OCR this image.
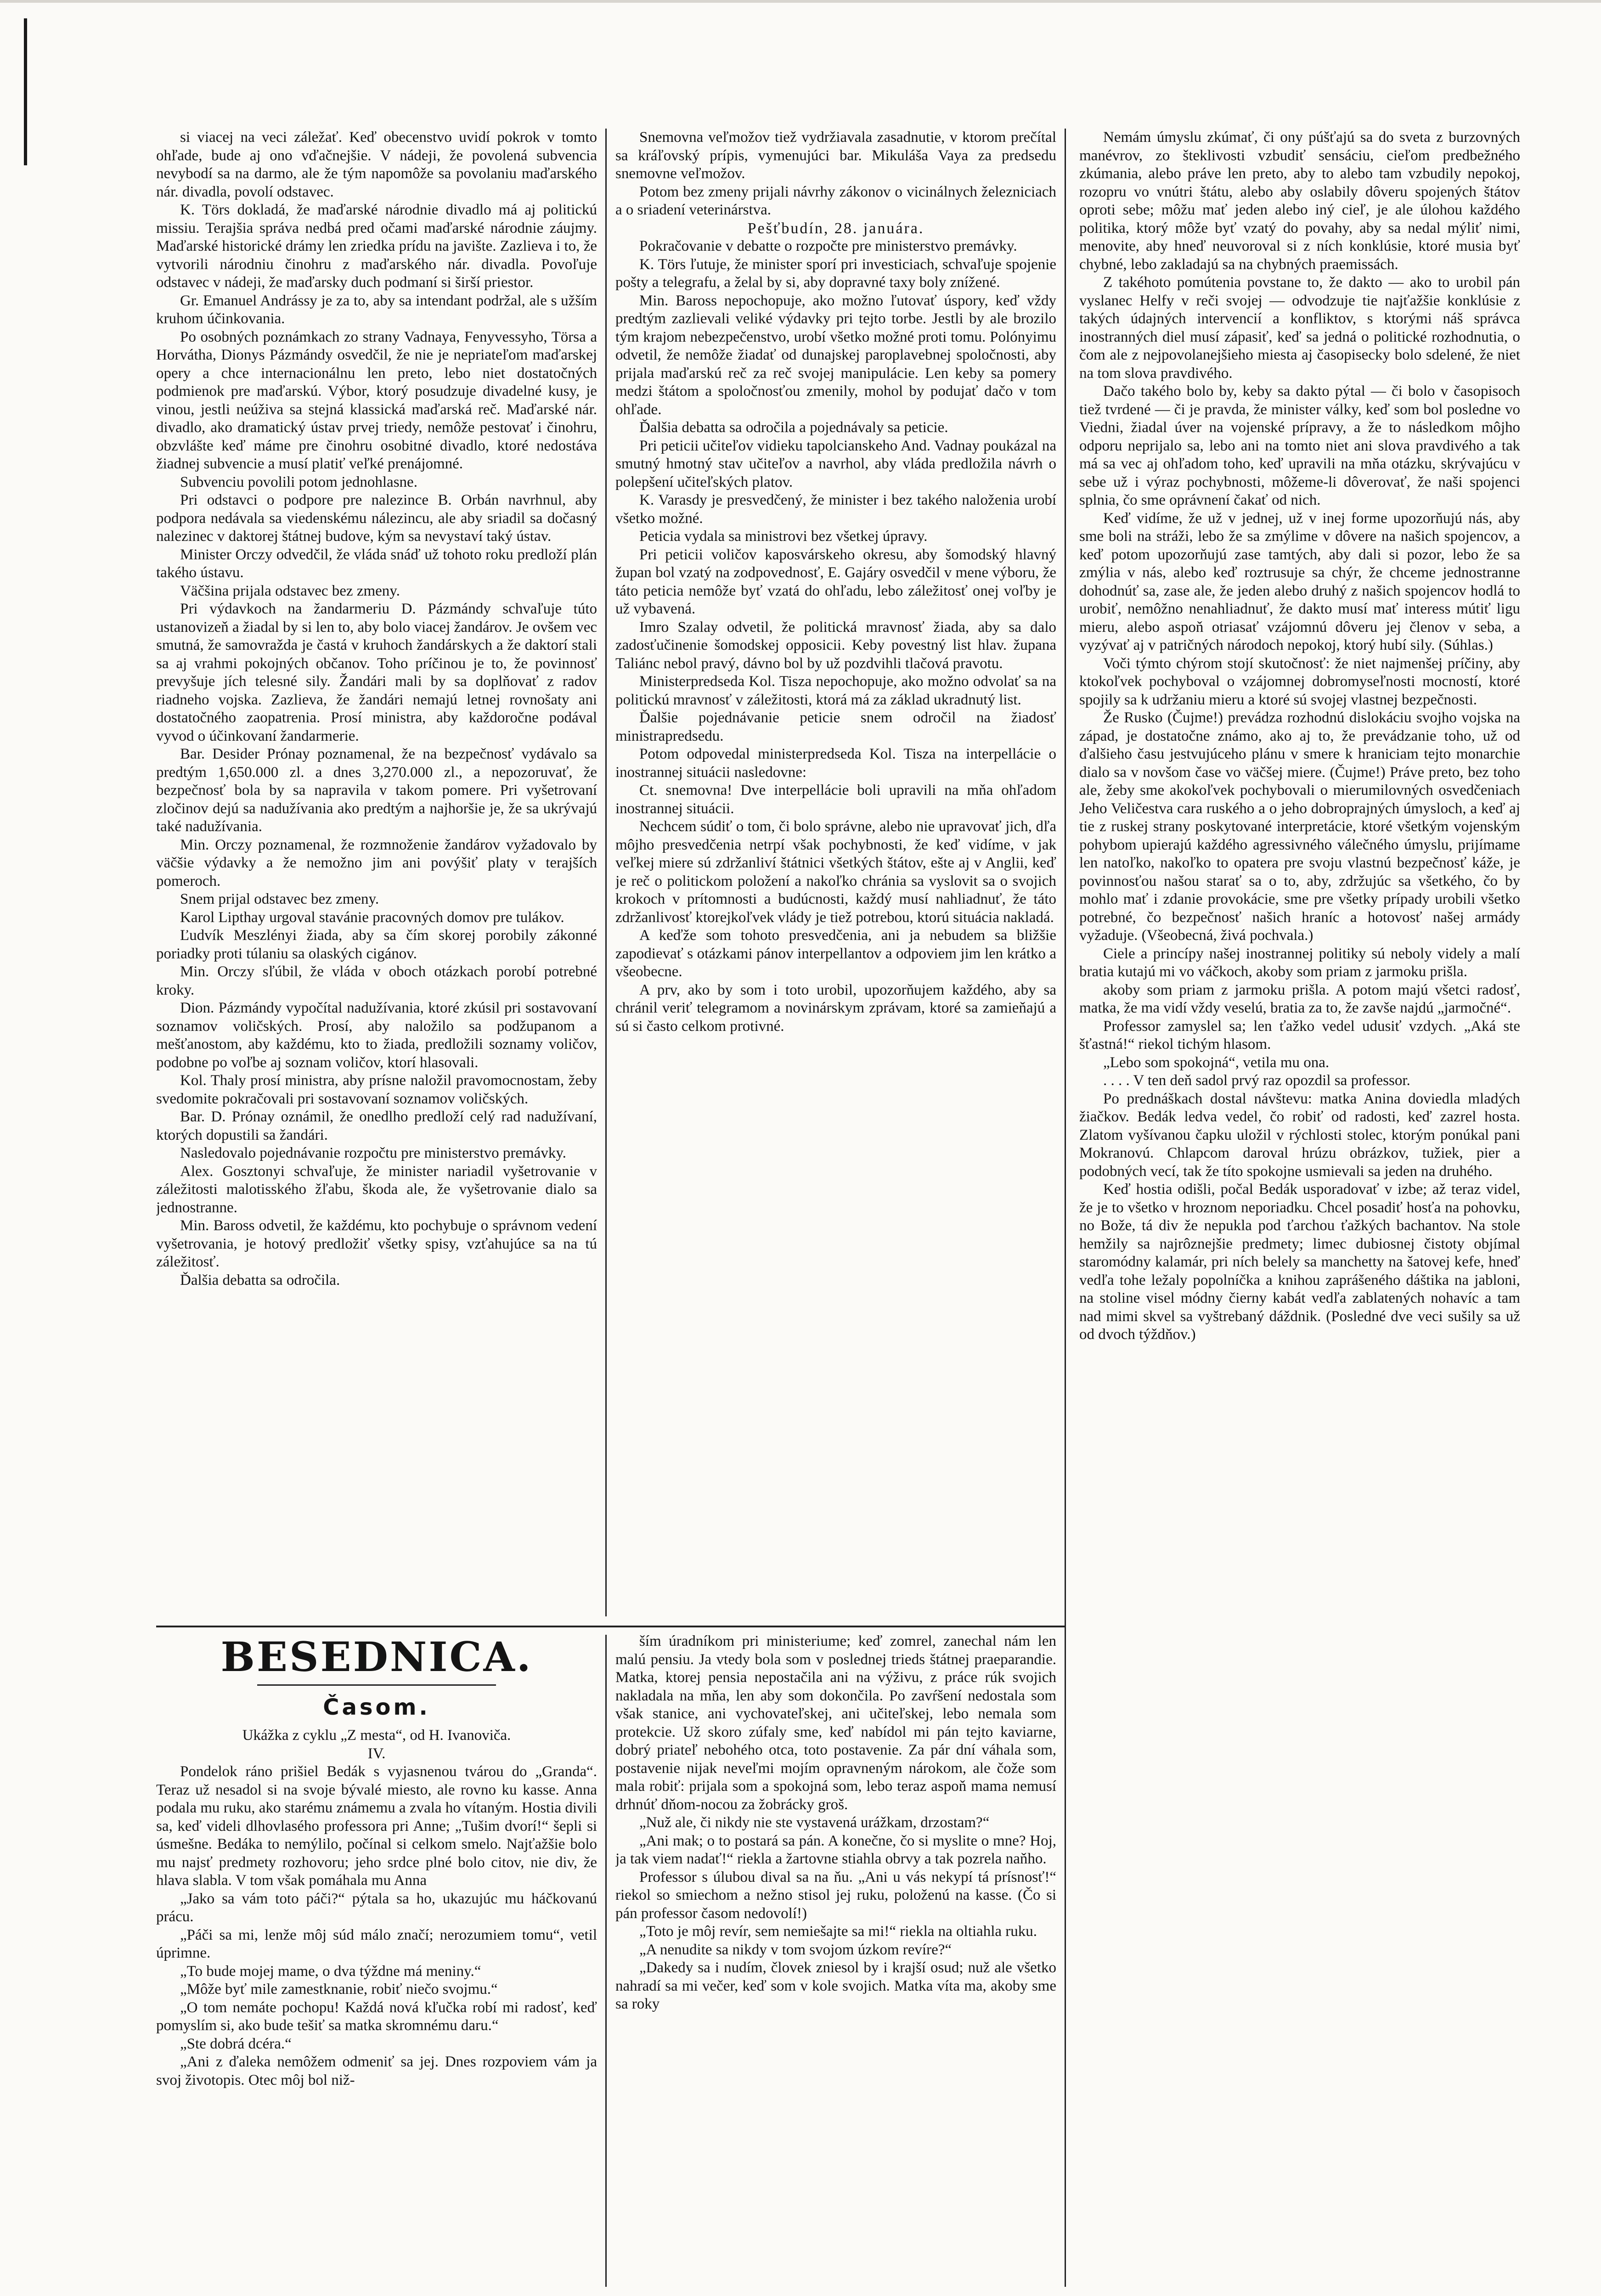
si viacej na veci záležať. Keď obecenstvo uvidí pokrok v tomto ohľade, bude aj ono vďačnejšie. V nádeji, že povolená subvencia nevybodí sa na darmo, ale že tým napomôže sa povolaniu maďarského nár. divadla, povolí odstavec.

K. Törs dokladá, že maďarské národnie divadlo má aj politickú missiu. Terajšia správa nedbá pred očami maďarské národnie záujmy. Maďarské historické drámy len zriedka prídu na javište. Zazlieva i to, že vytvorili národniu činohru z maďarského nár. divadla. Povoľuje odstavec v nádeji, že maďarsky duch podmaní si širší priestor.

Gr. Emanuel Andrássy je za to, aby sa intendant podržal, ale s užším kruhom účinkovania.

Po osobných poznámkach zo strany Vadnaya, Fenyvessyho, Törsa a Horvátha, Dionys Pázmándy osvedčil, že nie je nepriateľom maďarskej opery a chce internacionálnu len preto, lebo niet dostatočných podmienok pre maďarskú. Výbor, ktorý posudzuje divadelné kusy, je vinou, jestli neúživa sa stejná klassická maďarská reč. Maďarské nár. divadlo, ako dramatický ústav prvej triedy, nemôže pestovať i činohru, obzvlášte keď máme pre činohru osobitné divadlo, ktoré nedostáva žiadnej subvencie a musí platiť veľké prenájomné.

Subvenciu povolili potom jednohlasne.

Pri odstavci o podpore pre nalezince B. Orbán navrhnul, aby podpora nedávala sa viedenskému nálezincu, ale aby sriadil sa dočasný nalezinec v daktorej štátnej budove, kým sa nevystaví taký ústav.

Minister Orczy odvedčil, že vláda snáď už tohoto roku predloží plán takého ústavu.

Väčšina prijala odstavec bez zmeny.

Pri výdavkoch na žandarmeriu D. Pázmándy schvaľuje túto ustanovizeň a žiadal by si len to, aby bolo viacej žandárov. Je ovšem vec smutná, že samovražda je častá v kruhoch žandárskych a že daktorí stali sa aj vrahmi pokojných občanov. Toho príčinou je to, že povinnosť prevyšuje jích telesné sily. Žandári mali by sa doplňovať z radov riadneho vojska. Zazlieva, že žandári nemajú letnej rovnošaty ani dostatočného zaopatrenia. Prosí ministra, aby každoročne podával vyvod o účinkovaní žandarmerie.

Bar. Desider Prónay poznamenal, že na bezpečnosť vydávalo sa predtým 1,650.000 zl. a dnes 3,270.000 zl., a nepozoruvať, že bezpečnosť bola by sa napravila v takom pomere. Pri vyšetrovaní zločinov dejú sa nadužívania ako predtým a najhoršie je, že sa ukrývajú také nadužívania.

Min. Orczy poznamenal, že rozmnoženie žandárov vyžadovalo by väčšie výdavky a že nemožno jim ani povýšiť platy v terajších pomeroch.

Snem prijal odstavec bez zmeny.

Karol Lipthay urgoval stavánie pracovných domov pre tulákov.

Ľudvík Meszlényi žiada, aby sa čím skorej porobily zákonné poriadky proti túlaniu sa olaských cigánov.

Min. Orczy sľúbil, že vláda v oboch otázkach porobí potrebné kroky.

Dion. Pázmándy vypočítal nadužívania, ktoré zkúsil pri sostavovaní soznamov voličských. Prosí, aby naložilo sa podžupanom a mešťanostom, aby každému, kto to žiada, predložili soznamy voličov, podobne po voľbe aj soznam voličov, ktorí hlasovali.

Kol. Thaly prosí ministra, aby prísne naložil pravomocnostam, žeby svedomite pokračovali pri sostavovaní soznamov voličských.

Bar. D. Prónay oznámil, že onedlho predloží celý rad nadužívaní, ktorých dopustili sa žandári.

Nasledovalo pojednávanie rozpočtu pre ministerstvo premávky.

Alex. Gosztonyi schvaľuje, že minister nariadil vyšetrovanie v záležitosti malotisského žľabu, škoda ale, že vyšetrovanie dialo sa jednostranne.

Min. Baross odvetil, že každému, kto pochybuje o správnom vedení vyšetrovania, je hotový predložiť všetky spisy, vzťahujúce sa na tú záležitosť.

Ďalšia debatta sa odročila.

Snemovna veľmožov tiež vydržiavala zasadnutie, v ktorom prečítal sa kráľovský prípis, vymenujúci bar. Mikuláša Vaya za predsedu snemovne veľmožov.

Potom bez zmeny prijali návrhy zákonov o vicinálnych železniciach a o sriadení veterinárstva.

Pešťbudín, 28. januára.

Pokračovanie v debatte o rozpočte pre ministerstvo premávky.

K. Törs ľutuje, že minister sporí pri investiciach, schvaľuje spojenie pošty a telegrafu, a želal by si, aby dopravné taxy boly znížené.

Min. Baross nepochopuje, ako možno ľutovať úspory, keď vždy predtým zazlievali veliké výdavky pri tejto torbe. Jestli by ale brozilo tým krajom nebezpečenstvo, urobí všetko možné proti tomu. Polónyimu odvetil, že nemôže žiadať od dunajskej paroplavebnej spoločnosti, aby prijala maďarskú reč za reč svojej manipulácie. Len keby sa pomery medzi štátom a spoločnosťou zmenily, mohol by podujať dačo v tom ohľade.

Ďalšia debatta sa odročila a pojednávaly sa peticie.

Pri peticii učiteľov vidieku tapolcianskeho And. Vadnay poukázal na smutný hmotný stav učiteľov a navrhol, aby vláda predložila návrh o polepšení učiteľských platov.

K. Varasdy je presvedčený, že minister i bez takého naloženia urobí všetko možné.

Peticia vydala sa ministrovi bez všetkej úpravy.

Pri peticii voličov kaposvárskeho okresu, aby šomodský hlavný župan bol vzatý na zodpovednosť, E. Gajáry osvedčil v mene výboru, že táto peticia nemôže byť vzatá do ohľadu, lebo záležitosť onej voľby je už vybavená.

Imro Szalay odvetil, že politická mravnosť žiada, aby sa dalo zadosťučinenie šomodskej opposicii. Keby povestný list hlav. župana Taliánc nebol pravý, dávno bol by už pozdvihli tlačová pravotu.

Ministerpredseda Kol. Tisza nepochopuje, ako možno odvolať sa na politickú mravnosť v záležitosti, ktorá má za základ ukradnutý list.

Ďalšie pojednávanie peticie snem odročil na žiadosť ministrapredsedu.

Potom odpovedal ministerpredseda Kol. Tisza na interpellácie o inostrannej situácii nasledovne:

Ct. snemovna! Dve interpellácie boli upravili na mňa ohľadom inostrannej situácii.

Nechcem súdiť o tom, či bolo správne, alebo nie upravovať jich, dľa môjho presvedčenia netrpí však pochybnosti, že keď vidíme, v jak veľkej miere sú zdržanliví štátnici všetkých štátov, ešte aj v Anglii, keď je reč o politickom položení a nakoľko chránia sa vyslovit sa o svojich krokoch v prítomnosti a budúcnosti, každý musí nahliadnuť, že táto zdržanlivosť ktorejkoľvek vlády je tiež potrebou, ktorú situácia nakladá.

A keďže som tohoto presvedčenia, ani ja nebudem sa bližšie zapodievať s otázkami pánov interpellantov a odpoviem jim len krátko a všeobecne.

A prv, ako by som i toto urobil, upozorňujem každého, aby sa chránil veriť telegramom a novinárskym zprávam, ktoré sa zamieňajú a sú si často celkom protivné.

Nemám úmyslu zkúmať, či ony púšťajú sa do sveta z burzovných manévrov, zo šteklivosti vzbudiť sensáciu, cieľom predbežného zkúmania, alebo práve len preto, aby to alebo tam vzbudily nepokoj, rozopru vo vnútri štátu, alebo aby oslabily dôveru spojených štátov oproti sebe; môžu mať jeden alebo iný cieľ, je ale úlohou každého politika, ktorý môže byť vzatý do povahy, aby sa nedal mýliť nimi, menovite, aby hneď neuvoroval si z ních konklúsie, ktoré musia byť chybné, lebo zakladajú sa na chybných praemissách.

Z takéhoto pomútenia povstane to, že dakto — ako to urobil pán vyslanec Helfy v reči svojej — odvodzuje tie najťažšie konklúsie z takých údajných intervencií a konfliktov, s ktorými náš správca inostranných diel musí zápasiť, keď sa jedná o politické rozhodnutia, o čom ale z nejpovolanejšieho miesta aj časopisecky bolo sdelené, že niet na tom slova pravdivého.

Dačo takého bolo by, keby sa dakto pýtal — či bolo v časopisoch tiež tvrdené — či je pravda, že minister války, keď som bol posledne vo Viedni, žiadal úver na vojenské prípravy, a že to následkom môjho odporu neprijalo sa, lebo ani na tomto niet ani slova pravdivého a tak má sa vec aj ohľadom toho, keď upravili na mňa otázku, skrývajúcu v sebe už i výraz pochybnosti, môžeme-li dôverovať, že naši spojenci splnia, čo sme oprávnení čakať od nich.

Keď vidíme, že už v jednej, už v inej forme upozorňujú nás, aby sme boli na stráži, lebo že sa zmýlime v dôvere na našich spojencov, a keď potom upozorňujú zase tamtých, aby dali si pozor, lebo že sa zmýlia v nás, alebo keď roztrusuje sa chýr, že chceme jednostranne dohodnúť sa, zase ale, že jeden alebo druhý z našich spojencov hodlá to urobiť, nemôžno nenahliadnuť, že dakto musí mať interess mútiť ligu mieru, alebo aspoň otriasať vzájomnú dôveru jej členov v seba, a vyzývať aj v patričných národoch nepokoj, ktorý hubí sily. (Súhlas.)

Voči týmto chýrom stojí skutočnosť: že niet najmenšej príčiny, aby ktokoľvek pochyboval o vzájomnej dobromyseľnosti mocností, ktoré spojily sa k udržaniu mieru a ktoré sú svojej vlastnej bezpečnosti.

Že Rusko (Čujme!) prevádza rozhodnú dislokáciu svojho vojska na západ, je dostatočne známo, ako aj to, že prevádzanie toho, už od ďalšieho času jestvujúceho plánu v smere k hraniciam tejto monarchie dialo sa v novšom čase vo väčšej miere. (Čujme!) Práve preto, bez toho ale, žeby sme akokoľvek pochybovali o mierumilovných osvedčeniach Jeho Veličestva cara ruského a o jeho dobroprajných úmysloch, a keď aj tie z ruskej strany poskytované interpretácie, ktoré všetkým vojenským pohybom upierajú každého agressivného válečného úmyslu, prijímame len natoľko, nakoľko to opatera pre svoju vlastnú bezpečnosť káže, je povinnosťou našou starať sa o to, aby, zdržujúc sa všetkého, čo by mohlo mať i zdanie provokácie, sme pre všetky prípady urobili všetko potrebné, čo bezpečnosť našich hraníc a hotovosť našej armády vyžaduje. (Všeobecná, živá pochvala.)

Ciele a princípy našej inostrannej politiky sú neboly videly a malí bratia kutajú mi vo váčkoch, akoby som priam z jarmoku prišla.

akoby som priam z jarmoku prišla. A potom majú všetci radosť, matka, že ma vidí vždy veselú, bratia za to, že zavše najdú „jarmočné“.

Professor zamyslel sa; len ťažko vedel udusiť vzdych. „Aká ste šťastná!“ riekol tichým hlasom.

„Lebo som spokojná“, vetila mu ona.

. . . . V ten deň sadol prvý raz opozdil sa professor.

Po prednáškach dostal návštevu: matka Anina doviedla mladých žiačkov. Bedák ledva vedel, čo robiť od radosti, keď zazrel hosta. Zlatom vyšívanou čapku uložil v rýchlosti stolec, ktorým ponúkal pani Mokranovú. Chlapcom daroval hrúzu obrázkov, tužiek, pier a podobných vecí, tak že títo spokojne usmievali sa jeden na druhého.

Keď hostia odišli, počal Bedák usporadovať v izbe; až teraz videl, že je to všetko v hroznom neporiadku. Chcel posadiť hosťa na pohovku, no Bože, tá div že nepukla pod ťarchou ťažkých bachantov. Na stole hemžily sa najrôznejšie predmety; limec dubiosnej čistoty objímal staromódny kalamár, pri ních belely sa manchetty na šatovej kefe, hneď vedľa tohe ležaly popolníčka a knihou zaprášeného dáštika na jabloni, na stoline visel módny čierny kabát vedľa zablatených nohavíc a tam nad mimi skvel sa vyštrebaný dáždnik. (Posledné dve veci sušily sa už od dvoch týždňov.)

BESEDNICA.
Časom.

Ukážka z cyklu „Z mesta“, od H. Ivanoviča.

IV.

Pondelok ráno prišiel Bedák s vyjasnenou tvárou do „Granda“. Teraz už nesadol si na svoje bývalé miesto, ale rovno ku kasse. Anna podala mu ruku, ako starému známemu a zvala ho vítaným. Hostia divili sa, keď videli dlhovlasého professora pri Anne; „Tušim dvorí!“ šepli si úsmešne. Bedáka to nemýlilo, počínal si celkom smelo. Najťažšie bolo mu najsť predmety rozhovoru; jeho srdce plné bolo citov, nie div, že hlava slabla. V tom však pomáhala mu Anna

„Jako sa vám toto páči?“ pýtala sa ho, ukazujúc mu háčkovanú prácu.

„Páči sa mi, lenže môj súd málo značí; nerozumiem tomu“, vetil úprimne.

„To bude mojej mame, o dva týždne má meniny.“

„Môže byť mile zamestknanie, robiť niečo svojmu.“

„O tom nemáte pochopu! Každá nová kľučka robí mi radosť, keď pomyslím si, ako bude tešiť sa matka skromnému daru.“

„Ste dobrá dcéra.“

„Ani z ďaleka nemôžem odmeniť sa jej. Dnes rozpoviem vám ja svoj životopis. Otec môj bol niž-

ším úradníkom pri ministeriume; keď zomrel, zanechal nám len malú pensiu. Ja vtedy bola som v poslednej trieds štátnej praeparandie. Matka, ktorej pensia nepostačila ani na výživu, z práce rúk svojich nakladala na mňa, len aby som dokončila. Po zavŕšení nedostala som však stanice, ani vychovateľskej, ani učiteľskej, lebo nemala som protekcie. Už skoro zúfaly sme, keď nabídol mi pán tejto kaviarne, dobrý priateľ nebohého otca, toto postavenie. Za pár dní váhala som, postavenie nijak neveľmi mojím opravneným nárokom, ale čože som mala robiť: prijala som a spokojná som, lebo teraz aspoň mama nemusí drhnúť dňom-nocou za žobrácky groš.

„Nuž ale, či nikdy nie ste vystavená urážkam, drzostam?“

„Ani mak; o to postará sa pán. A konečne, čo si myslite o mne? Hoj, ja tak viem nadať!“ riekla a žartovne stiahla obrvy a tak pozrela naňho.

Professor s úlubou dival sa na ňu. „Ani u vás nekypí tá prísnosť!“ riekol so smiechom a nežno stisol jej ruku, položenú na kasse. (Čo si pán professor časom nedovolí!)

„Toto je môj revír, sem nemiešajte sa mi!“ riekla na oltiahla ruku.

„A nenudite sa nikdy v tom svojom úzkom revíre?“

„Dakedy sa i nudím, človek zniesol by i krajší osud; nuž ale všetko nahradí sa mi večer, keď som v kole svojich. Matka víta ma, akoby sme sa roky
